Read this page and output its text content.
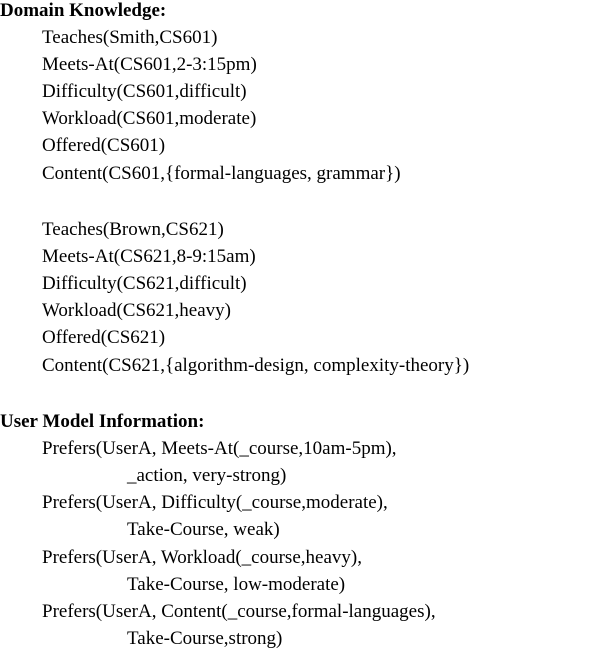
Domain Knowledge:
Teaches(Smith,CS601)
Meets-At(CS601,2-3:15pm)
Difficulty(CS601,difficult)
Workload(CS601,moderate)
Offered(CS601)
Content(CS601,{formal-languages, grammar})
Teaches(Brown,CS621)
Meets-At(CS621,8-9:15am)
Difficulty(CS621,difficult)
Workload(CS621,heavy)
Offered(CS621)
Content(CS621,{algorithm-design, complexity-theory})
User Model Information:
Prefers(UserA, Meets-At(_course,10am-5pm),
_action, very-strong)
Prefers(UserA, Difficulty(_course,moderate),
Take-Course, weak)
Prefers(UserA, Workload(_course,heavy),
Take-Course, low-moderate)
Prefers(UserA, Content(_course,formal-languages),
Take-Course,strong)
